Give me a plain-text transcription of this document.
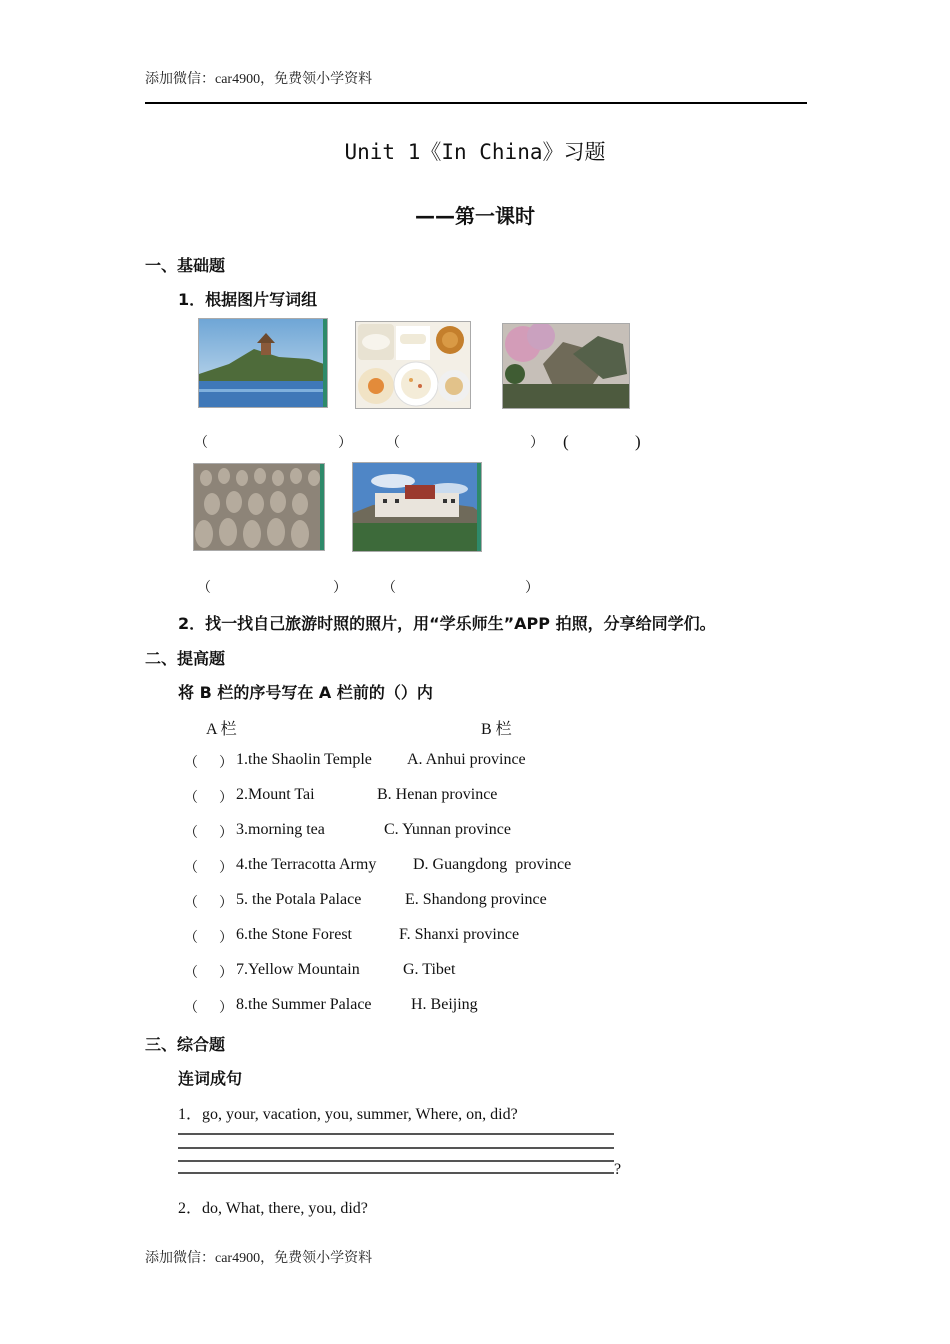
添加微信：car4900，免费领小学资料
Unit 1《In China》习题
——第一课时
一、基础题
1．根据图片写词组
（	） （	） (	)
（	）	（	）
2．找一找自己旅游时照的照片，用“学乐师生”APP 拍照，分享给同学们。
二、提高题
将 B 栏的序号写在 A 栏前的（）内
A 栏	B 栏
（ ） 1.the Shaolin Temple A. Anhui province
（ ） 2.Mount Tai	B. Henan province
（ ） 3.morning tea	C. Yunnan province
（ ） 4.the Terracotta Army D. Guangdong  province
（ ） 5. the Potala Palace	E. Shandong province
（ ） 6.the Stone Forest	F. Shanxi province
（ ） 7.Yellow Mountain	G. Tibet
（ ） 8.the Summer Palace H. Beijing
三、综合题
连词成句
1．go, your, vacation, you, summer, Where, on, did?
?
2．do, What, there, you, did?
添加微信：car4900，免费领小学资料
